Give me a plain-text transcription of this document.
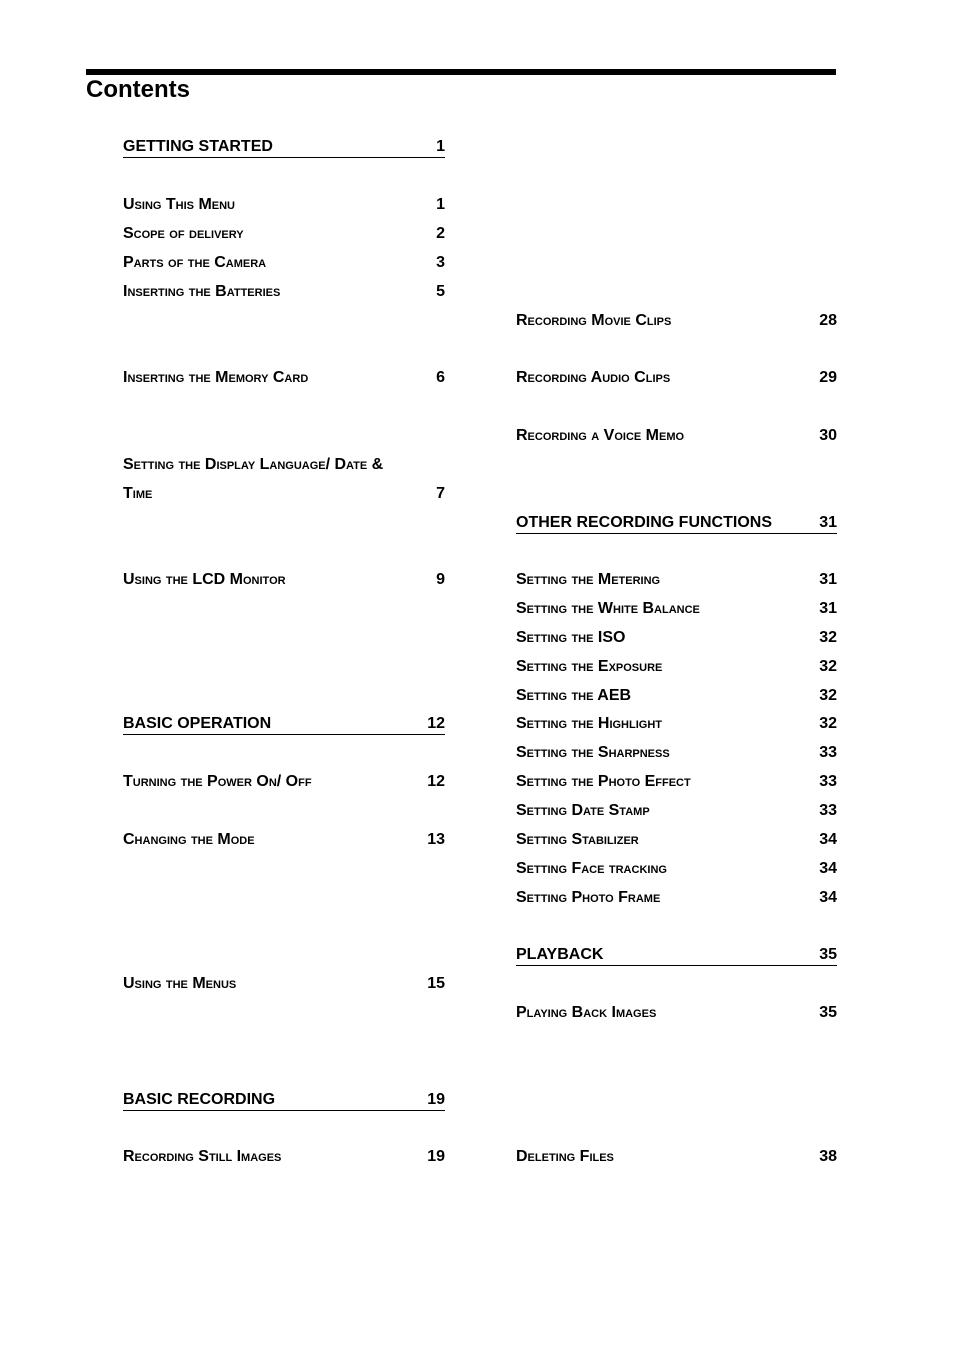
Contents
GETTING STARTED	1
Using This Menu	1
Scope of delivery	2
Parts of the Camera	3
Inserting the Batteries	5
Inserting the Memory Card	6
Setting the Display Language/ Date &
Time	7
Using the LCD Monitor	9
BASIC OPERATION	12
Turning the Power On/ Off	12
Changing the Mode	13
Using the Menus	15
BASIC RECORDING	19
Recording Still Images	19
Recording Movie Clips	28
Recording Audio Clips	29
Recording a Voice Memo	30
OTHER RECORDING FUNCTIONS	31
Setting the Metering	31
Setting the White Balance	31
Setting the ISO	32
Setting the Exposure	32
Setting the AEB	32
Setting the Highlight	32
Setting the Sharpness	33
Setting the Photo Effect	33
Setting Date Stamp	33
Setting Stabilizer	34
Setting Face tracking	34
Setting Photo Frame	34
PLAYBACK	35
Playing Back Images	35
Deleting Files	38
